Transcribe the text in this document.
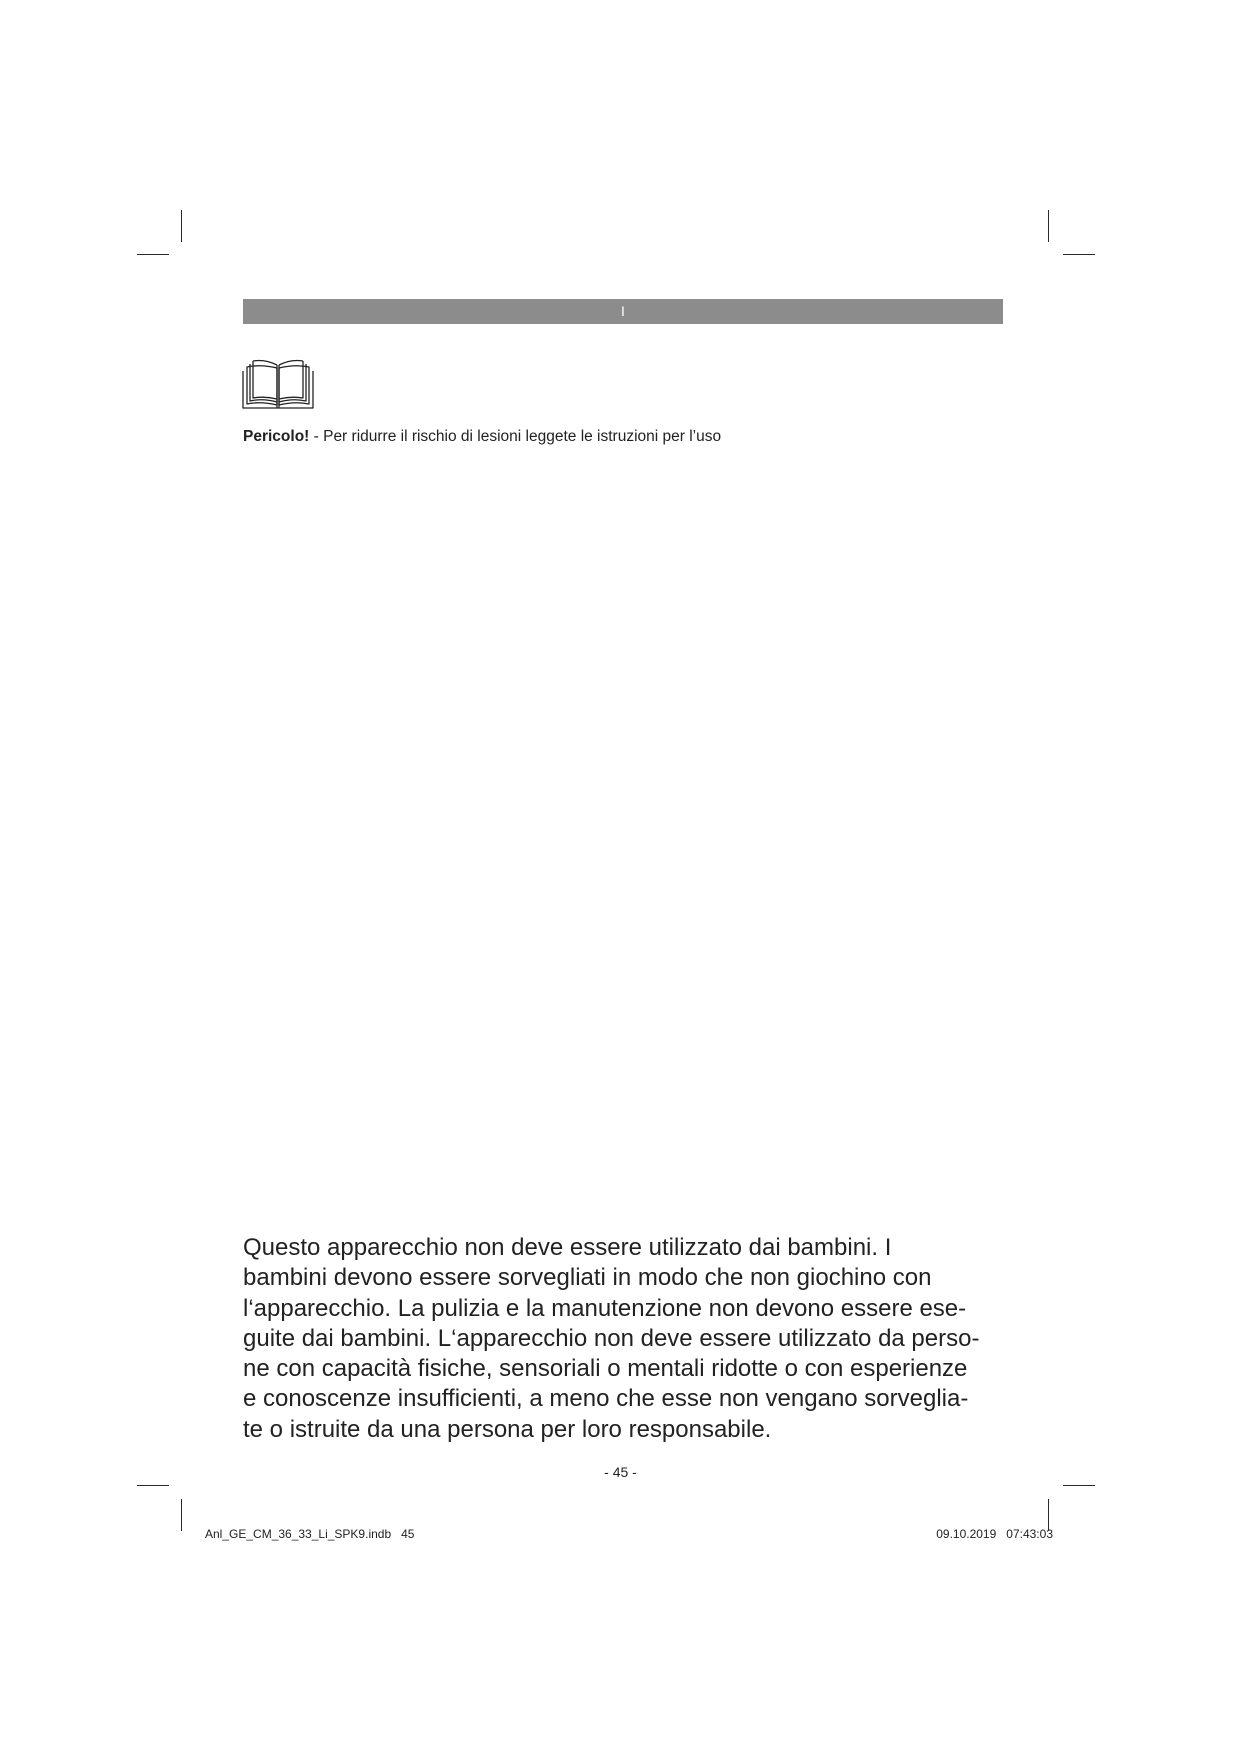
I
Pericolo! - Per ridurre il rischio di lesioni leggete le istruzioni per l’uso
Questo apparecchio non deve essere utilizzato dai bambini. I
bambini devono essere sorvegliati in modo che non giochino con
l‘apparecchio. La pulizia e la manutenzione non devono essere ese-
guite dai bambini. L‘apparecchio non deve essere utilizzato da perso-
ne con capacità fisiche, sensoriali o mentali ridotte o con esperienze
e conoscenze insufficienti, a meno che esse non vengano sorveglia-
te o istruite da una persona per loro responsabile.
- 45 -
Anl_GE_CM_36_33_Li_SPK9.indb   45	09.10.2019   07:43:03
